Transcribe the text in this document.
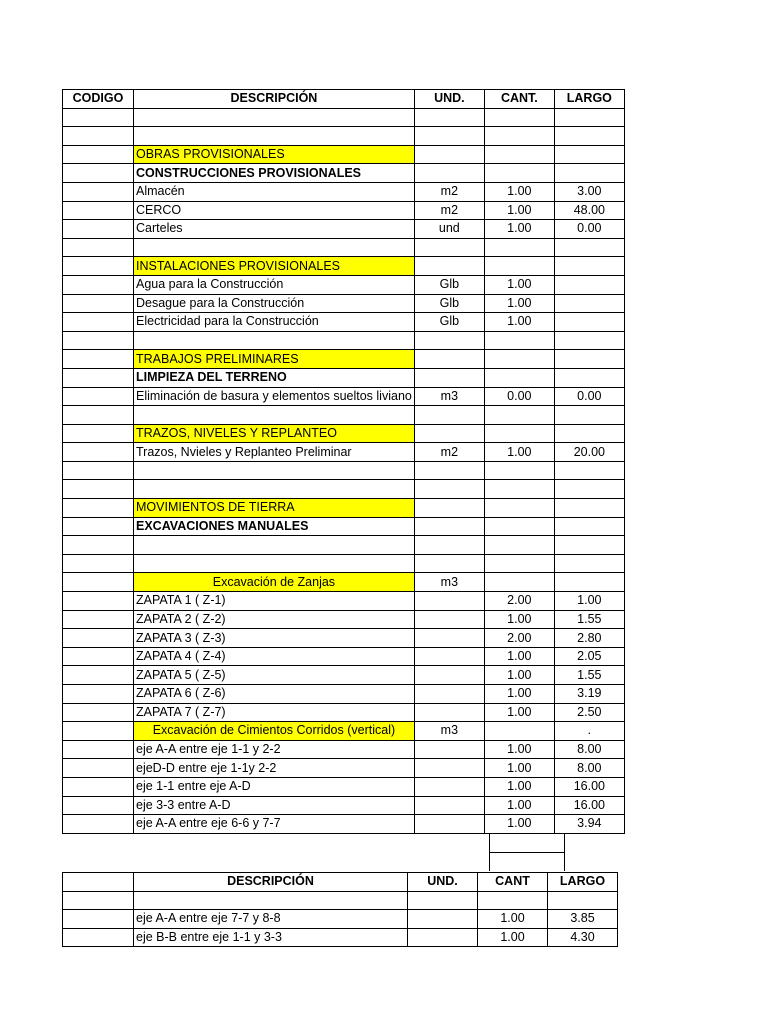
CODIGO	DESCRIPCIÓN	UND.	CANT.	LARGO

	OBRAS PROVISIONALES			
	CONSTRUCCIONES PROVISIONALES			
	Almacén	m2	1.00	3.00
	CERCO	m2	1.00	48.00
	Carteles	und	1.00	0.00

	INSTALACIONES PROVISIONALES			
	Agua para la Construcción	Glb	1.00	
	Desague para la Construcción	Glb	1.00	
	Electricidad para la Construcción	Glb	1.00	

	TRABAJOS PRELIMINARES			
	LIMPIEZA DEL TERRENO			
	Eliminación de basura y elementos sueltos liviano	m3	0.00	0.00

	TRAZOS, NIVELES Y REPLANTEO			
	Trazos, Nvieles y Replanteo Preliminar	m2	1.00	20.00

	MOVIMIENTOS DE TIERRA			
	EXCAVACIONES MANUALES			

	Excavación de Zanjas	m3		
	ZAPATA 1 ( Z-1)		2.00	1.00
	ZAPATA 2 ( Z-2)		1.00	1.55
	ZAPATA 3 ( Z-3)		2.00	2.80
	ZAPATA 4 ( Z-4)		1.00	2.05
	ZAPATA 5 ( Z-5)		1.00	1.55
	ZAPATA 6 ( Z-6)		1.00	3.19
	ZAPATA 7 ( Z-7)		1.00	2.50
	Excavación de Cimientos Corridos (vertical)	m3		.
	eje A-A entre eje 1-1 y 2-2		1.00	8.00
	ejeD-D entre eje 1-1y 2-2		1.00	8.00
	eje 1-1 entre eje A-D		1.00	16.00
	eje 3-3 entre A-D		1.00	16.00
	eje A-A entre eje 6-6 y 7-7		1.00	3.94
	DESCRIPCIÓN	UND.	CANT	LARGO

	eje A-A entre eje 7-7 y 8-8		1.00	3.85
	eje B-B entre eje 1-1 y 3-3		1.00	4.30
